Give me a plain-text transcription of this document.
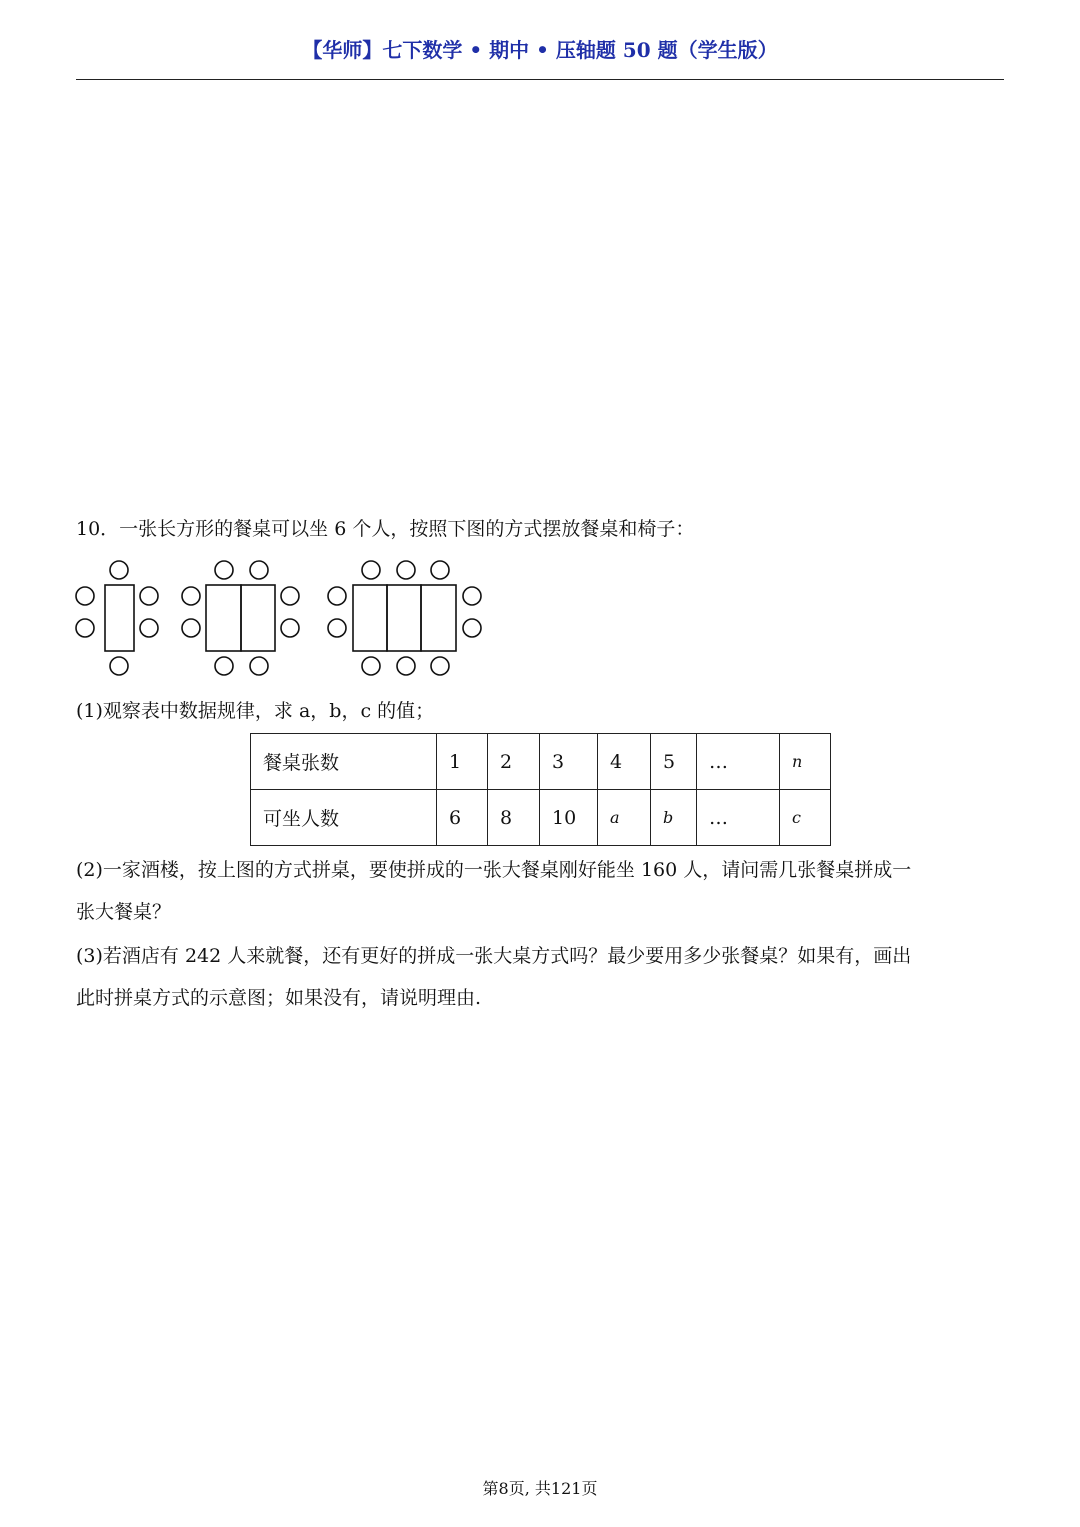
【华师】七下数学 • 期中 • 压轴题 50 题（学生版）
10．一张长方形的餐桌可以坐 6 个人，按照下图的方式摆放餐桌和椅子：
(1)观察表中数据规律，求 a，b，c 的值；
餐桌张数	1	2	3	4	5	…	n
可坐人数	6	8	10	a	b	…	c
(2)一家酒楼，按上图的方式拼桌，要使拼成的一张大餐桌刚好能坐 160 人，请问需几张餐桌拼成一
张大餐桌？
(3)若酒店有 242 人来就餐，还有更好的拼成一张大桌方式吗？最少要用多少张餐桌？如果有，画出
此时拼桌方式的示意图；如果没有，请说明理由.
第8页, 共121页
